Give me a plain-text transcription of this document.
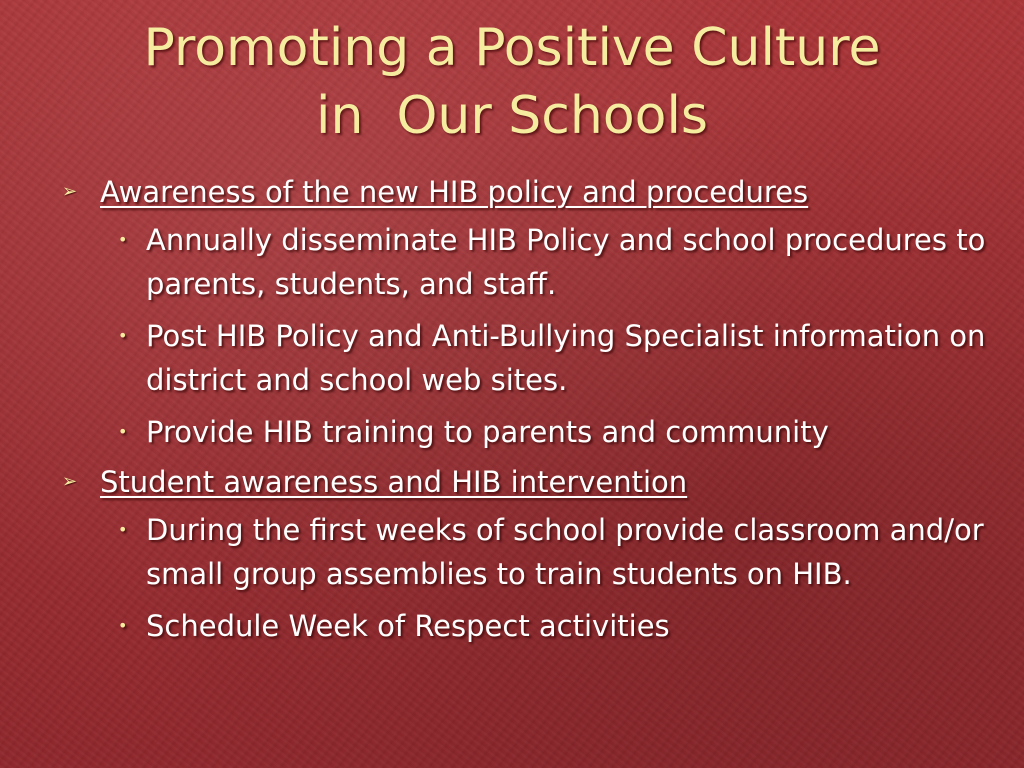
Promoting a Positive Culture
in  Our Schools
➢ Awareness of the new HIB policy and procedures
• Annually disseminate HIB Policy and school procedures to parents, students, and staff.
• Post HIB Policy and Anti-Bullying Specialist information on district and school web sites.
• Provide HIB training to parents and community
➢ Student awareness and HIB intervention
• During the first weeks of school provide classroom and/or small group assemblies to train students on HIB.
• Schedule Week of Respect activities
